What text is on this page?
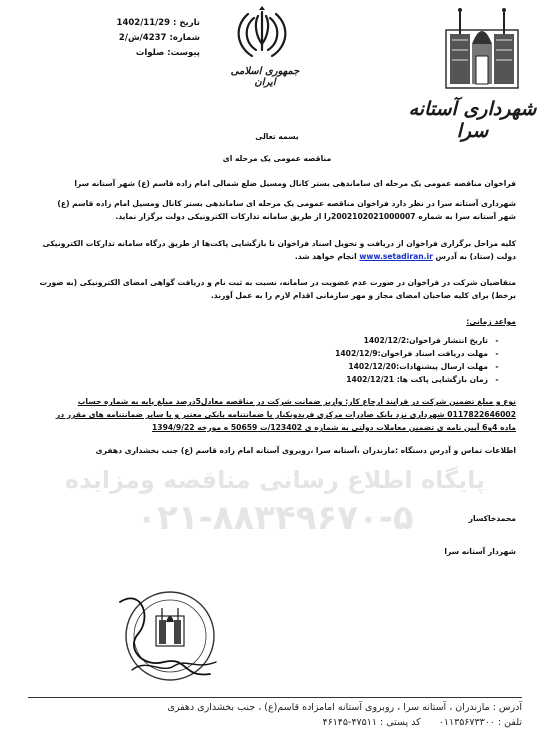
تاریخ : 1402/11/29
شماره: 4237/ش/2
پیوست: صلوات
جمهوری اسلامی ایران
شهرداری آستانه سرا
بسمه تعالی
مناقصه عمومی یک مرحله ای
فراخوان مناقصه عمومی یک مرحله ای ساماندهی بستر کانال ومسیل ضلع شمالی امام زاده قاسم (ع) شهر آستانه سرا
شهرداری آستانه سرا در نظر دارد فراخوان مناقصه عمومی یک مرحله ای ساماندهی بستر کانال ومسیل امام زاده قاسم (ع) شهر آستانه سرا به شماره 2002102021000007را از طریق سامانه تدارکات الکترونیکی دولت برگزار نماید.
کلیه مراحل برگزاری فراخوان از دریافت و تحویل اسناد فراخوان تا بازگشایی پاکت‌ها از طریق درگاه سامانه تدارکات الکترونیکی دولت (ستاد) به آدرس www.setadiran.ir انجام خواهد شد.
متقاضیان شرکت در فراخوان در صورت عدم عضویت در سامانه، نسبت به ثبت نام و دریافت گواهی امضای الکترونیکی (به صورت برخط) برای کلیه صاحبان امضای مجاز و مهر سازمانی اقدام لازم را به عمل آورند.
مواعد زمانی:
-
تاریخ انتشار فراخوان:1402/12/2
-
مهلت دریافت اسناد فراخوان:1402/12/9
-
مهلت ارسال پیشنهادات:1402/12/20
-
زمان بازگشایی پاکت ها: 1402/12/21
نوع و مبلغ تضمین شرکت در فرایند ارجاع کار: واریز ضمانت شرکت در مناقصه معادل5درصد مبلغ پایه به شماره حساب 0117822646002 شهرداری نزد بانک صادرات مرکزی فریدونکنار یا ضمانتنامه بانکی معتبر و یا سایر ضمانتنامه های مقرر در ماده 4و6 آیین نامه ی تضمین معاملات دولتی به شماره ی 123402/ت 50659 ه مورخه 1394/9/22
اطلاعات تماس و آدرس دستگاه :مازندران ،آستانه سرا ،روبروی آستانه امام زاده قاسم (ع) جنب بخشداری دهفری
پایگاه اطلاع رسانی مناقصه ومزایده
۰۲۱-۸۸۳۴۹۶۷۰-۵	محمدخاکسار
شهردار آستانه سرا
آدرس : مازندران ، آستانه سرا ، روبروی آستانه امامزاده قاسم(ع) ، جنب بخشداری دهفری
تلفن : ۰۱۱۳۵۶۷۳۳۰۰      کد پستی : ۴۷۵۱۱-۴۶۱۴۵
